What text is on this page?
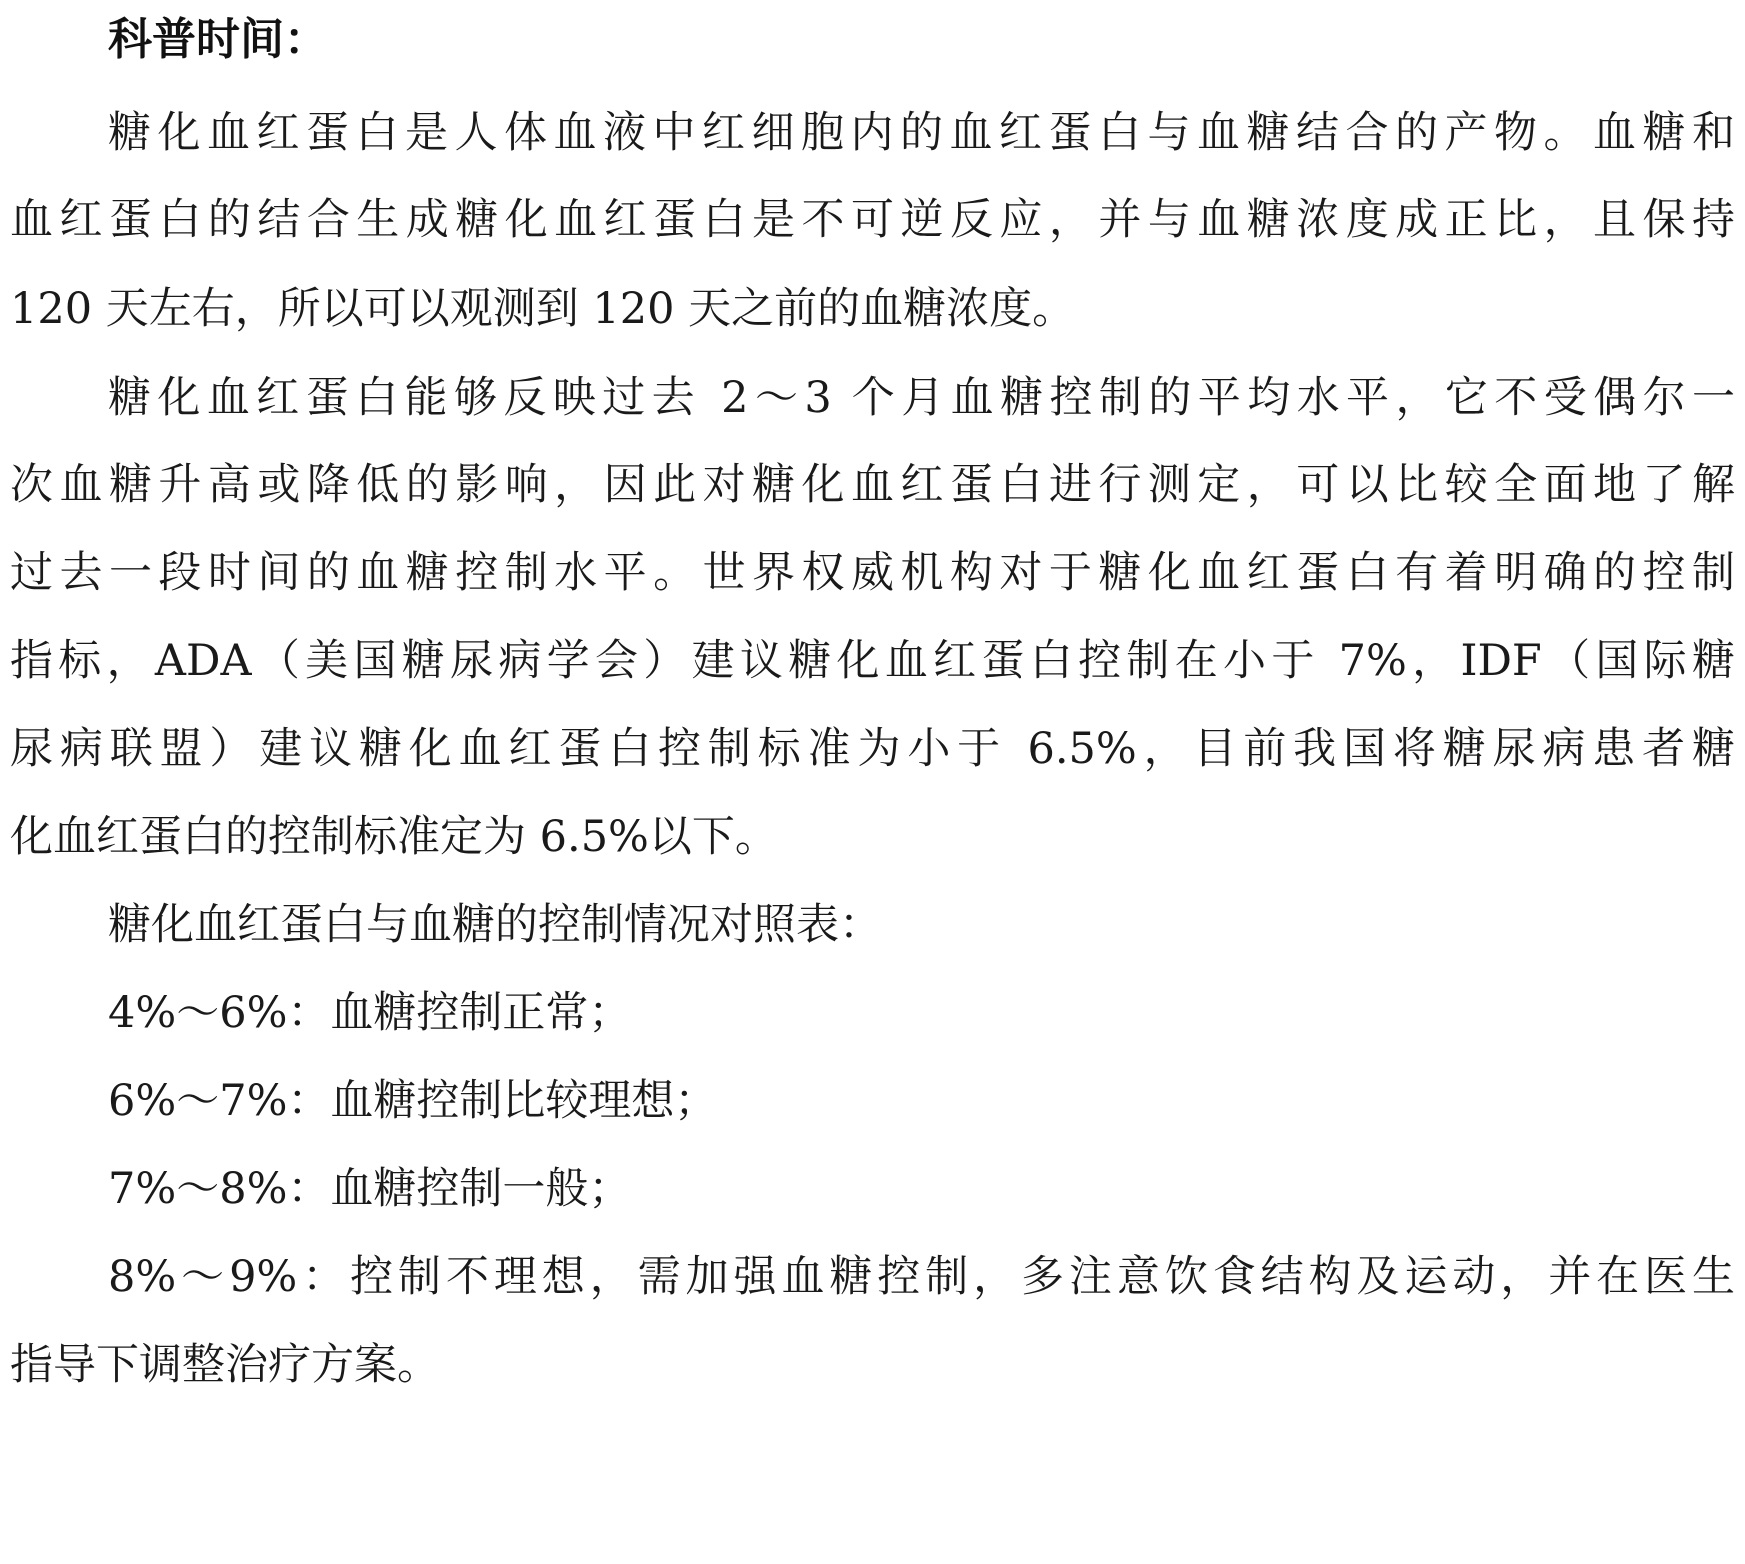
科普时间：

糖化血红蛋白是人体血液中红细胞内的血红蛋白与血糖结合的产物。血糖和

血红蛋白的结合生成糖化血红蛋白是不可逆反应，并与血糖浓度成正比，且保持

120 天左右，所以可以观测到 120 天之前的血糖浓度。

糖化血红蛋白能够反映过去 2～3 个月血糖控制的平均水平，它不受偶尔一

次血糖升高或降低的影响，因此对糖化血红蛋白进行测定，可以比较全面地了解

过去一段时间的血糖控制水平。世界权威机构对于糖化血红蛋白有着明确的控制

指标，ADA（美国糖尿病学会）建议糖化血红蛋白控制在小于 7%，IDF（国际糖

尿病联盟）建议糖化血红蛋白控制标准为小于 6.5%，目前我国将糖尿病患者糖

化血红蛋白的控制标准定为 6.5%以下。

糖化血红蛋白与血糖的控制情况对照表：

4%～6%：血糖控制正常；

6%～7%：血糖控制比较理想；

7%～8%：血糖控制一般；

8%～9%：控制不理想，需加强血糖控制，多注意饮食结构及运动，并在医生

指导下调整治疗方案。
